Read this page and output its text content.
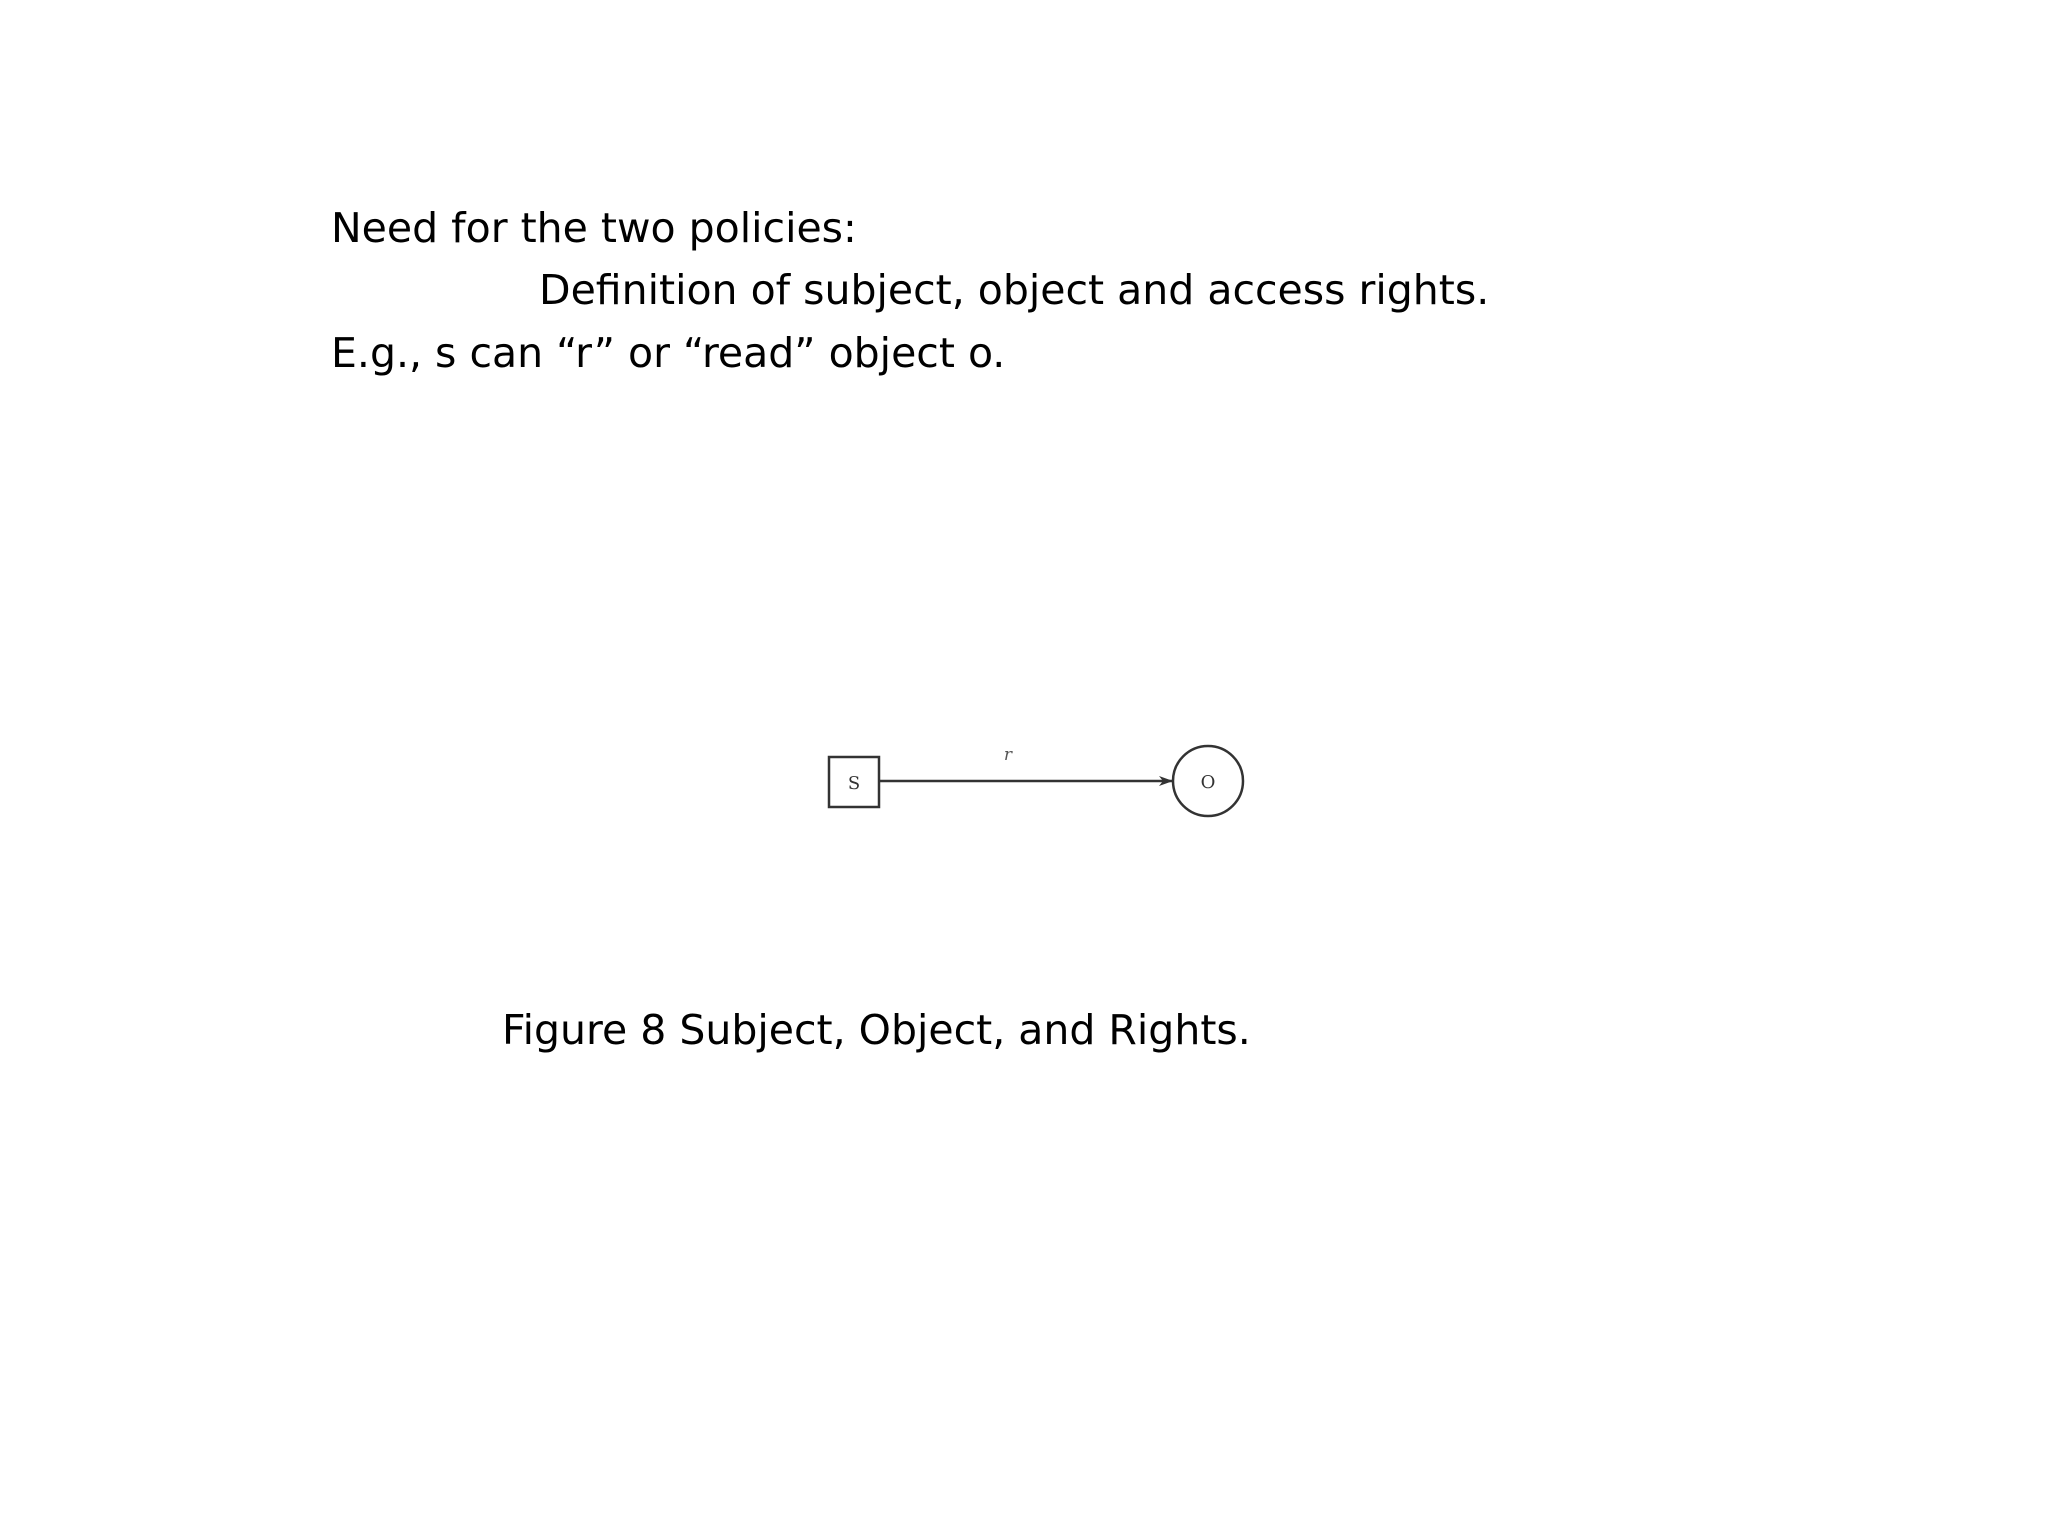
Need for the two policies:
Definition of subject, object and access rights.
E.g., s can “r” or “read” object o.
S
r
O
Figure 8 Subject, Object, and Rights.
